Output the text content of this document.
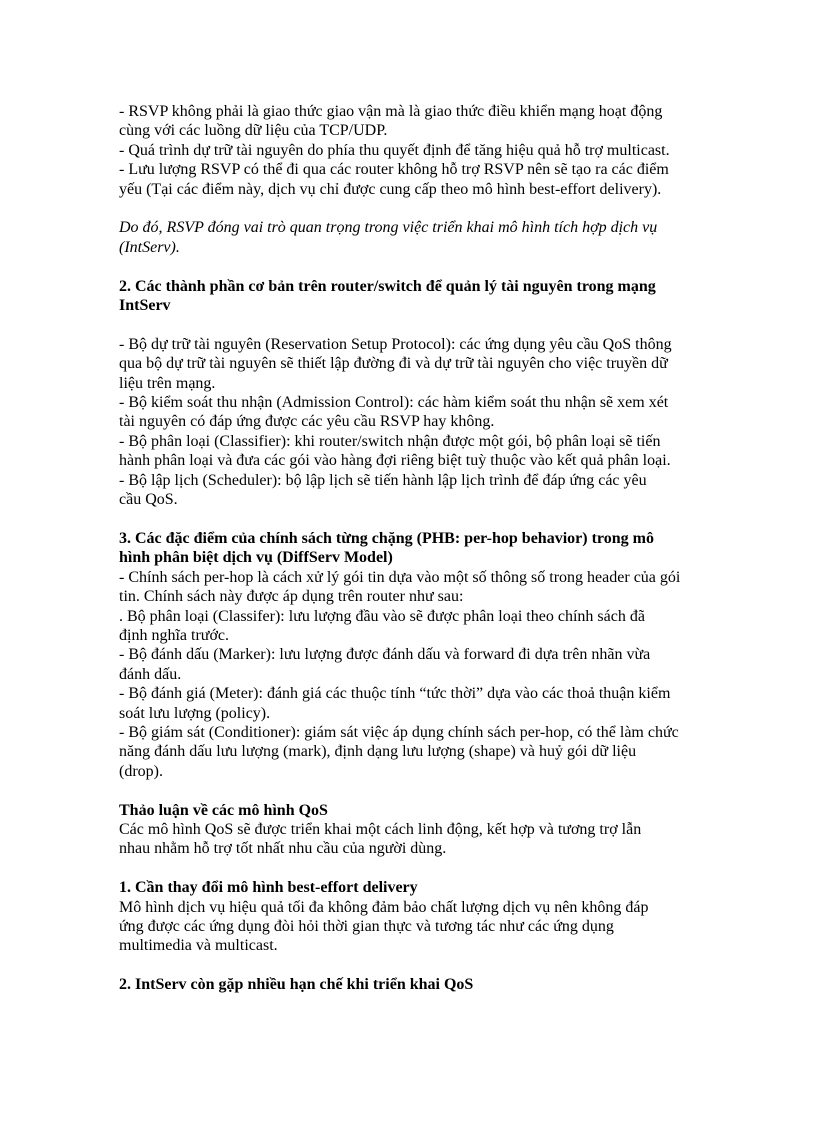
- RSVP không phải là giao thức giao vận mà là giao thức điều khiển mạng hoạt động
cùng với các luồng dữ liệu của TCP/UDP.
- Quá trình dự trữ tài nguyên do phía thu quyết định để tăng hiệu quả hỗ trợ multicast.
- Lưu lượng RSVP có thể đi qua các router không hỗ trợ RSVP nên sẽ tạo ra các điểm
yếu (Tại các điểm này, dịch vụ chỉ được cung cấp theo mô hình best-effort delivery).
Do đó, RSVP đóng vai trò quan trọng trong việc triển khai mô hình tích hợp dịch vụ
(IntServ).
2. Các thành phần cơ bản trên router/switch để quản lý tài nguyên trong mạng
IntServ
- Bộ dự trữ tài nguyên (Reservation Setup Protocol): các ứng dụng yêu cầu QoS thông
qua bộ dự trữ tài nguyên sẽ thiết lập đường đi và dự trữ tài nguyên cho việc truyền dữ
liệu trên mạng.
- Bộ kiểm soát thu nhận (Admission Control): các hàm kiểm soát thu nhận sẽ xem xét
tài nguyên có đáp ứng được các yêu cầu RSVP hay không.
- Bộ phân loại (Classifier): khi router/switch nhận được một gói, bộ phân loại sẽ tiến
hành phân loại và đưa các gói vào hàng đợi riêng biệt tuỳ thuộc vào kết quả phân loại.
- Bộ lập lịch (Scheduler): bộ lập lịch sẽ tiến hành lập lịch trình để đáp ứng các yêu
cầu QoS.
3. Các đặc điểm của chính sách từng chặng (PHB: per-hop behavior) trong mô
hình phân biệt dịch vụ (DiffServ Model)
- Chính sách per-hop là cách xử lý gói tin dựa vào một số thông số trong header của gói
tin. Chính sách này được áp dụng trên router như sau:
. Bộ phân loại (Classifer): lưu lượng đầu vào sẽ được phân loại theo chính sách đã
định nghĩa trước.
- Bộ đánh dấu (Marker): lưu lượng được đánh dấu và forward đi dựa trên nhãn vừa
đánh dấu.
- Bộ đánh giá (Meter): đánh giá các thuộc tính “tức thời” dựa vào các thoả thuận kiểm
soát lưu lượng (policy).
- Bộ giám sát (Conditioner): giám sát việc áp dụng chính sách per-hop, có thể làm chức
năng đánh dấu lưu lượng (mark), định dạng lưu lượng (shape) và huỷ gói dữ liệu
(drop).
Thảo luận về các mô hình QoS
Các mô hình QoS sẽ được triển khai một cách linh động, kết hợp và tương trợ lẫn
nhau nhằm hỗ trợ tốt nhất nhu cầu của người dùng.
1. Cần thay đổi mô hình best-effort delivery
Mô hình dịch vụ hiệu quả tối đa không đảm bảo chất lượng dịch vụ nên không đáp
ứng được các ứng dụng đòi hỏi thời gian thực và tương tác như các ứng dụng
multimedia và multicast.
2. IntServ còn gặp nhiều hạn chế khi triển khai QoS
